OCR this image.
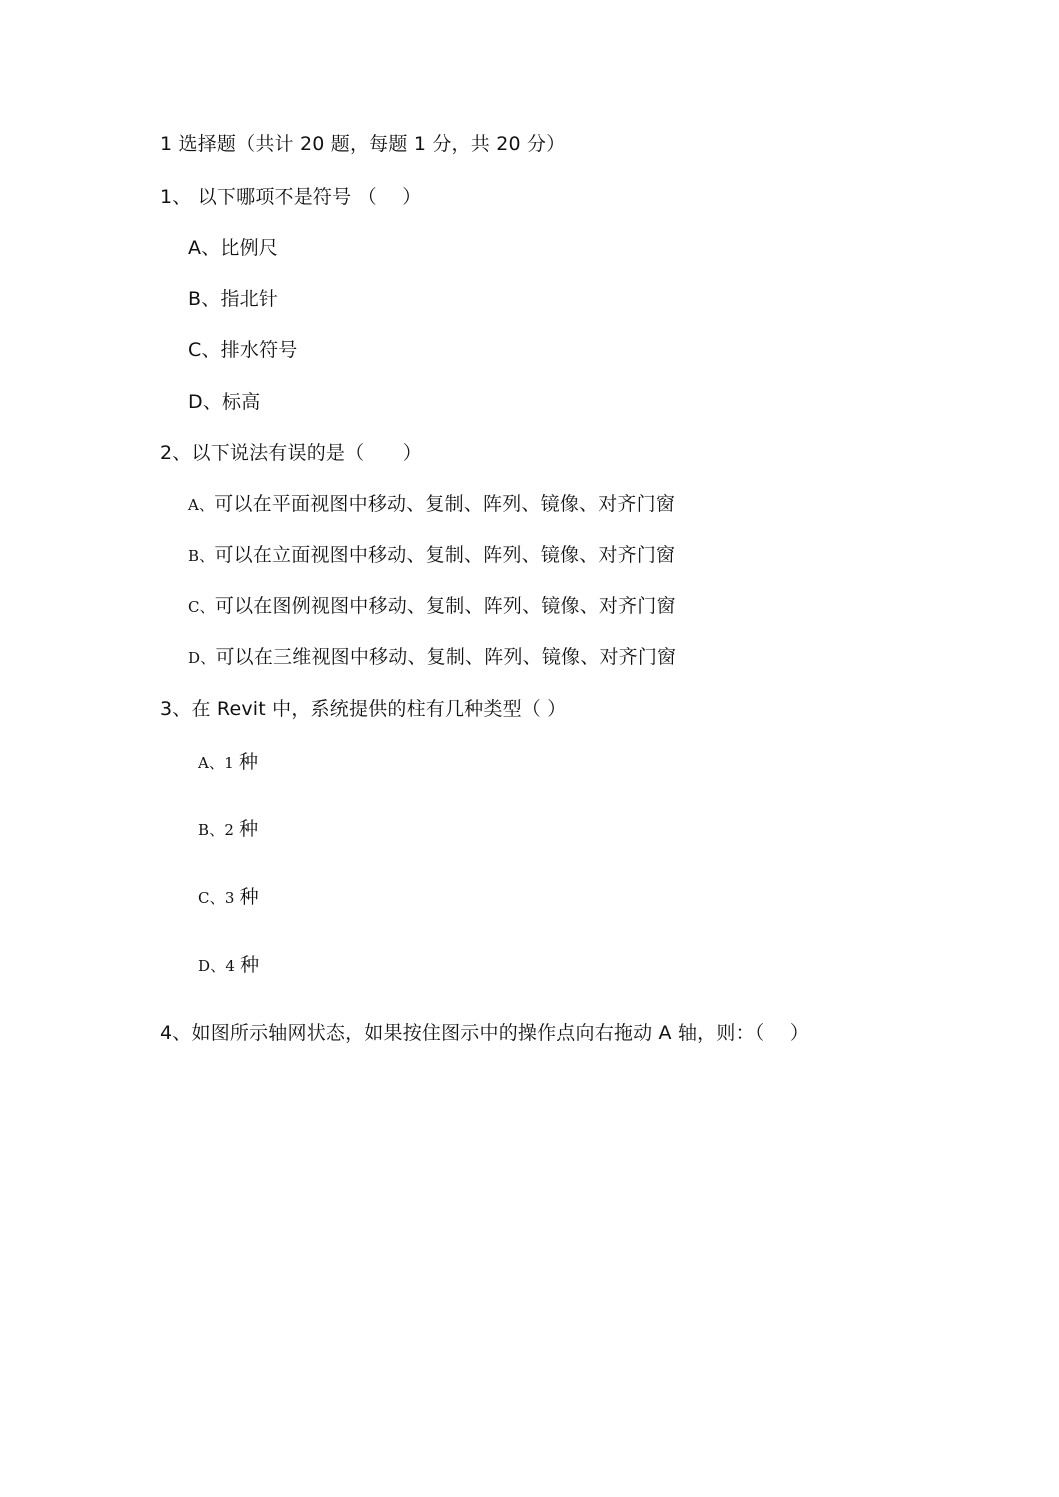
1 选择题（共计 20 题，每题 1 分，共 20 分）
1、 以下哪项不是符号 （　 ）
A、比例尺
B、指北针
C、排水符号
D、标高
2、以下说法有误的是（　　）
A、可以在平面视图中移动、复制、阵列、镜像、对齐门窗
B、可以在立面视图中移动、复制、阵列、镜像、对齐门窗
C、可以在图例视图中移动、复制、阵列、镜像、对齐门窗
D、可以在三维视图中移动、复制、阵列、镜像、对齐门窗
3、在 Revit 中，系统提供的柱有几种类型（ ）
A、1 种
B、2 种
C、3 种
D、4 种
4、如图所示轴网状态，如果按住图示中的操作点向右拖动 A 轴，则：（　 ）
